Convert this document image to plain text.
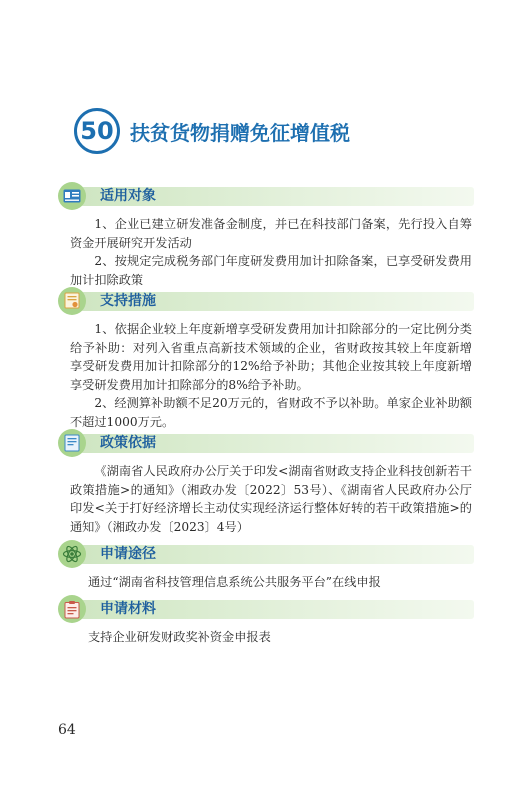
50 扶贫货物捐赠免征增值税
适用对象

1、企业已建立研发准备金制度，并已在科技部门备案，先行投入自筹资金开展研究开发活动

2、按规定完成税务部门年度研发费用加计扣除备案，已享受研发费用加计扣除政策

支持措施

1、依据企业较上年度新增享受研发费用加计扣除部分的一定比例分类给予补助：对列入省重点高新技术领域的企业，省财政按其较上年度新增享受研发费用加计扣除部分的12%给予补助；其他企业按其较上年度新增享受研发费用加计扣除部分的8%给予补助。

2、经测算补助额不足20万元的，省财政不予以补助。单家企业补助额不超过1000万元。

政策依据

《湖南省人民政府办公厅关于印发<湖南省财政支持企业科技创新若干政策措施>的通知》（湘政办发〔2022〕53号）、《湖南省人民政府办公厅印发<关于打好经济增长主动仗实现经济运行整体好转的若干政策措施>的通知》（湘政办发〔2023〕4号）

申请途径

通过“湖南省科技管理信息系统公共服务平台”在线申报

申请材料

支持企业研发财政奖补资金申报表

64
